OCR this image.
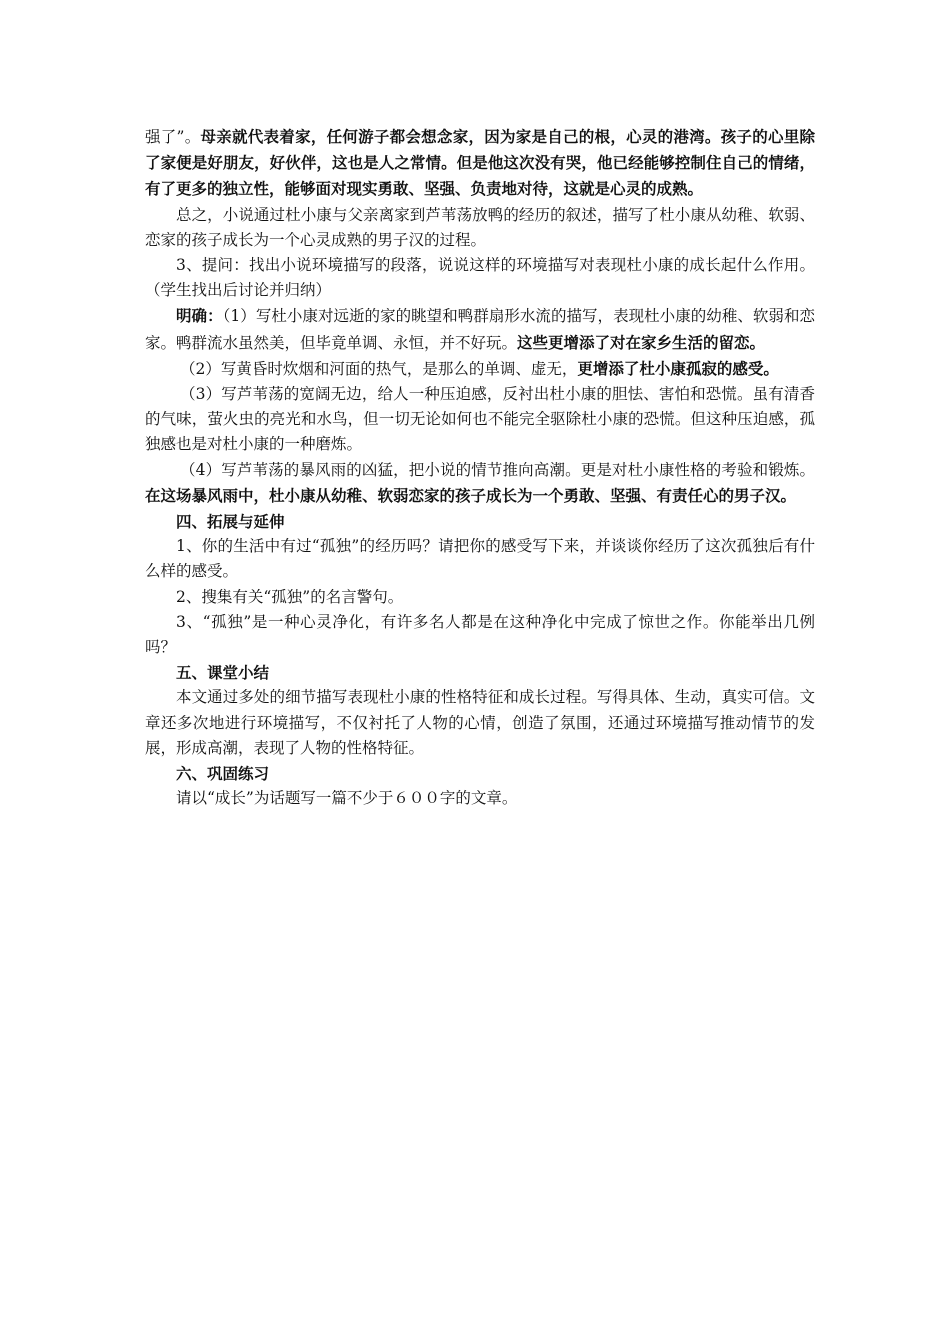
强了”。母亲就代表着家，任何游子都会想念家，因为家是自己的根，心灵的港湾。孩子的心里除了家便是好朋友，好伙伴，这也是人之常情。但是他这次没有哭，他已经能够控制住自己的情绪，有了更多的独立性，能够面对现实勇敢、坚强、负责地对待，这就是心灵的成熟。

总之，小说通过杜小康与父亲离家到芦苇荡放鸭的经历的叙述，描写了杜小康从幼稚、软弱、恋家的孩子成长为一个心灵成熟的男子汉的过程。

3、提问：找出小说环境描写的段落，说说这样的环境描写对表现杜小康的成长起什么作用。（学生找出后讨论并归纳）

明确：（1）写杜小康对远逝的家的眺望和鸭群扇形水流的描写，表现杜小康的幼稚、软弱和恋家。鸭群流水虽然美，但毕竟单调、永恒，并不好玩。这些更增添了对在家乡生活的留恋。

（2）写黄昏时炊烟和河面的热气，是那么的单调、虚无，更增添了杜小康孤寂的感受。

（3）写芦苇荡的宽阔无边，给人一种压迫感，反衬出杜小康的胆怯、害怕和恐慌。虽有清香的气味，萤火虫的亮光和水鸟，但一切无论如何也不能完全驱除杜小康的恐慌。但这种压迫感，孤独感也是对杜小康的一种磨炼。

（4）写芦苇荡的暴风雨的凶猛，把小说的情节推向高潮。更是对杜小康性格的考验和锻炼。在这场暴风雨中，杜小康从幼稚、软弱恋家的孩子成长为一个勇敢、坚强、有责任心的男子汉。

四、拓展与延伸

1、你的生活中有过“孤独”的经历吗？请把你的感受写下来，并谈谈你经历了这次孤独后有什么样的感受。

2、搜集有关“孤独”的名言警句。

3、“孤独”是一种心灵净化，有许多名人都是在这种净化中完成了惊世之作。你能举出几例吗？

五、课堂小结

本文通过多处的细节描写表现杜小康的性格特征和成长过程。写得具体、生动，真实可信。文章还多次地进行环境描写，不仅衬托了人物的心情，创造了氛围，还通过环境描写推动情节的发展，形成高潮，表现了人物的性格特征。

六、巩固练习

请以“成长”为话题写一篇不少于６００字的文章。
